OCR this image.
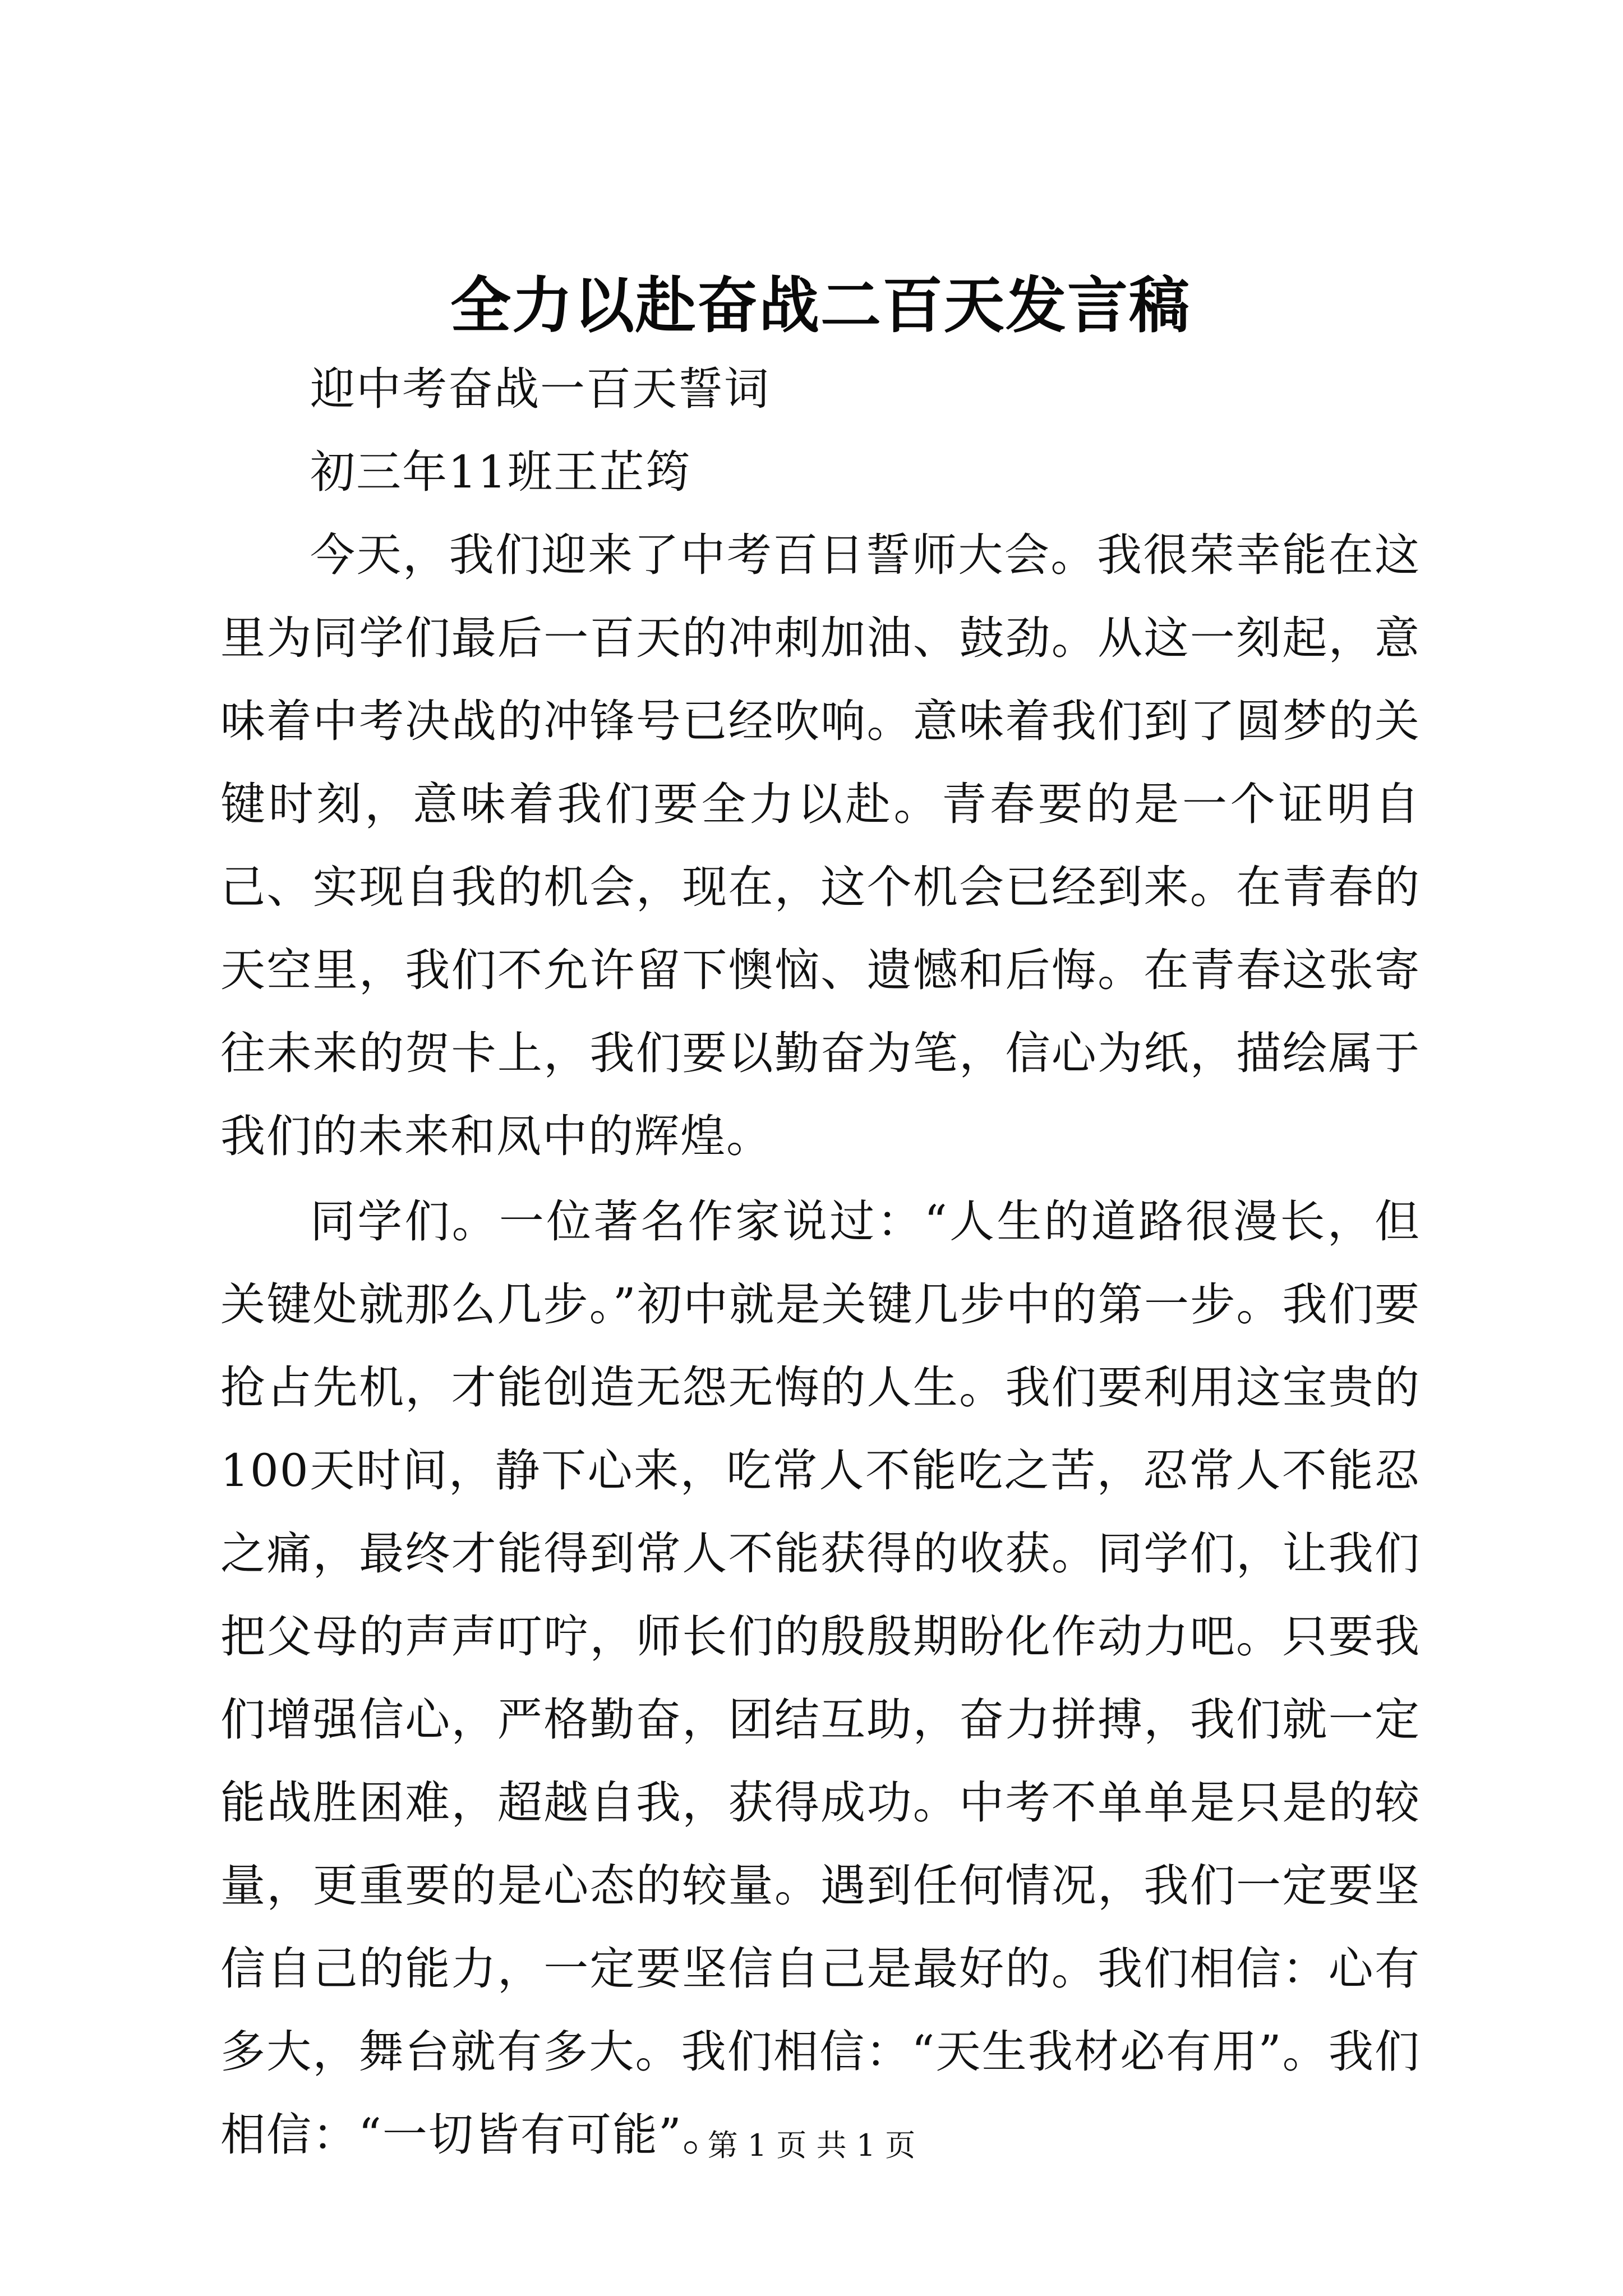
全力以赴奋战二百天发言稿

迎中考奋战一百天誓词

初三年11班王芷筠

今天，我们迎来了中考百日誓师大会。我很荣幸能在这里为同学们最后一百天的冲刺加油、鼓劲。从这一刻起，意味着中考决战的冲锋号已经吹响。意味着我们到了圆梦的关键时刻，意味着我们要全力以赴。青春要的是一个证明自己、实现自我的机会，现在，这个机会已经到来。在青春的天空里，我们不允许留下懊恼、遗憾和后悔。在青春这张寄往未来的贺卡上，我们要以勤奋为笔，信心为纸，描绘属于我们的未来和凤中的辉煌。

同学们。一位著名作家说过：“人生的道路很漫长，但关键处就那么几步。”初中就是关键几步中的第一步。我们要抢占先机，才能创造无怨无悔的人生。我们要利用这宝贵的100天时间，静下心来，吃常人不能吃之苦，忍常人不能忍之痛，最终才能得到常人不能获得的收获。同学们，让我们把父母的声声叮咛，师长们的殷殷期盼化作动力吧。只要我们增强信心，严格勤奋，团结互助，奋力拼搏，我们就一定能战胜困难，超越自我，获得成功。中考不单单是只是的较量，更重要的是心态的较量。遇到任何情况，我们一定要坚信自己的能力，一定要坚信自己是最好的。我们相信：心有多大，舞台就有多大。我们相信：“天生我材必有用”。我们相信：“一切皆有可能”。

第 1 页 共 1 页
